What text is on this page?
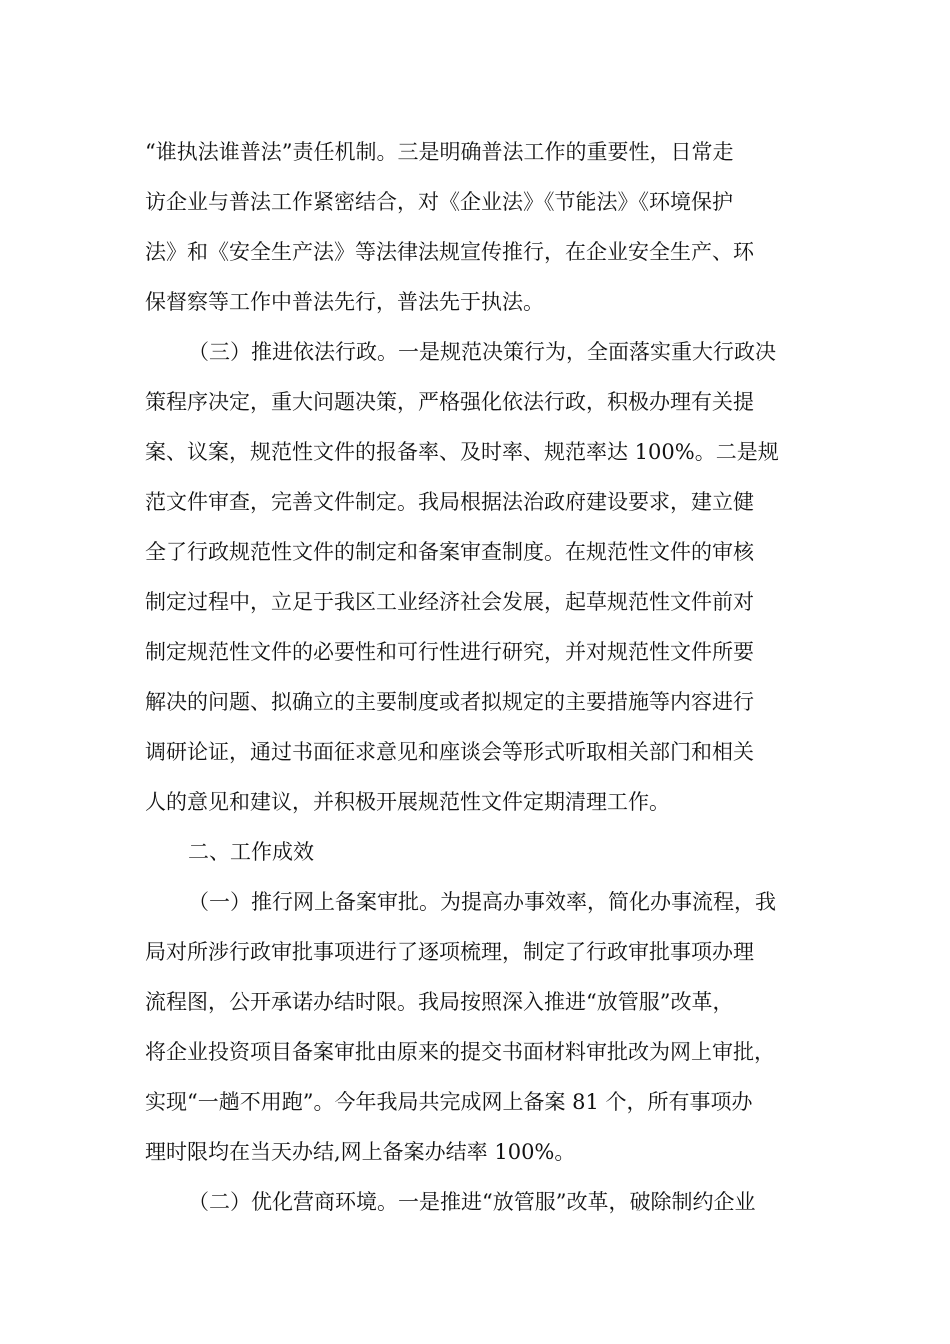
“谁执法谁普法”责任机制。三是明确普法工作的重要性，日常走
访企业与普法工作紧密结合，对《企业法》《节能法》《环境保护
法》和《安全生产法》等法律法规宣传推行，在企业安全生产、环
保督察等工作中普法先行，普法先于执法。
（三）推进依法行政。一是规范决策行为，全面落实重大行政决
策程序决定，重大问题决策，严格强化依法行政，积极办理有关提
案、议案，规范性文件的报备率、及时率、规范率达 100%。二是规
范文件审查，完善文件制定。我局根据法治政府建设要求，建立健
全了行政规范性文件的制定和备案审查制度。在规范性文件的审核
制定过程中，立足于我区工业经济社会发展，起草规范性文件前对
制定规范性文件的必要性和可行性进行研究，并对规范性文件所要
解决的问题、拟确立的主要制度或者拟规定的主要措施等内容进行
调研论证，通过书面征求意见和座谈会等形式听取相关部门和相关
人的意见和建议，并积极开展规范性文件定期清理工作。
二、工作成效
（一）推行网上备案审批。为提高办事效率，简化办事流程，我
局对所涉行政审批事项进行了逐项梳理，制定了行政审批事项办理
流程图，公开承诺办结时限。我局按照深入推进“放管服”改革，
将企业投资项目备案审批由原来的提交书面材料审批改为网上审批，
实现“一趟不用跑”。今年我局共完成网上备案 81 个，所有事项办
理时限均在当天办结,网上备案办结率 100%。
（二）优化营商环境。一是推进“放管服”改革，破除制约企业
